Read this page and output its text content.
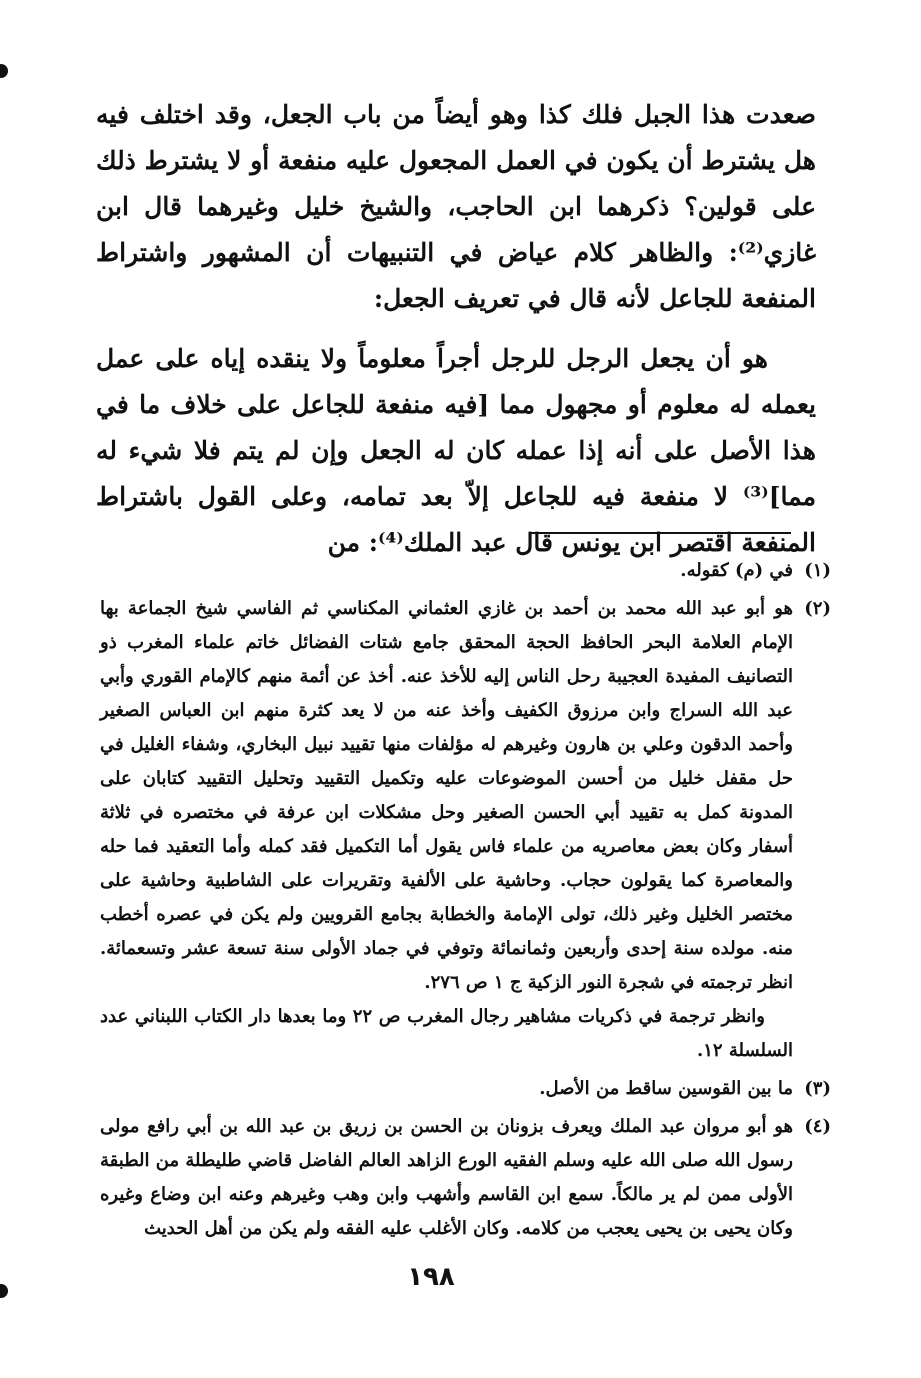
صعدت هذا الجبل فلك كذا وهو أيضاً من باب الجعل، وقد اختلف فيه هل يشترط أن يكون في العمل المجعول عليه منفعة أو لا يشترط ذلك على قولين؟ ذكرهما ابن الحاجب، والشيخ خليل وغيرهما قال ابن غازي⁽²⁾: والظاهر كلام عياض في التنبيهات أن المشهور واشتراط المنفعة للجاعل لأنه قال في تعريف الجعل:

هو أن يجعل الرجل للرجل أجراً معلوماً ولا ينقده إياه على عمل يعمله له معلوم أو مجهول مما [فيه منفعة للجاعل على خلاف ما في هذا الأصل على أنه إذا عمله كان له الجعل وإن لم يتم فلا شيء له مما]⁽³⁾ لا منفعة فيه للجاعل إلاّ بعد تمامه، وعلى القول باشتراط المنفعة اقتصر ابن يونس قال عبد الملك⁽⁴⁾: من

(١)

في (م) كقوله.

(٢)

هو أبو عبد الله محمد بن أحمد بن غازي العثماني المكناسي ثم الفاسي شيخ الجماعة بها الإمام العلامة البحر الحافظ الحجة المحقق جامع شتات الفضائل خاتم علماء المغرب ذو التصانيف المفيدة العجيبة رحل الناس إليه للأخذ عنه. أخذ عن أئمة منهم كالإمام القوري وأبي عبد الله السراج وابن مرزوق الكفيف وأخذ عنه من لا يعد كثرة منهم ابن العباس الصغير وأحمد الدقون وعلي بن هارون وغيرهم له مؤلفات منها تقييد نبيل البخاري، وشفاء الغليل في حل مقفل خليل من أحسن الموضوعات عليه وتكميل التقييد وتحليل التقييد كتابان على المدونة كمل به تقييد أبي الحسن الصغير وحل مشكلات ابن عرفة في مختصره في ثلاثة أسفار وكان بعض معاصريه من علماء فاس يقول أما التكميل فقد كمله وأما التعقيد فما حله والمعاصرة كما يقولون حجاب. وحاشية على الألفية وتقريرات على الشاطبية وحاشية على مختصر الخليل وغير ذلك، تولى الإمامة والخطابة بجامع القرويين ولم يكن في عصره أخطب منه. مولده سنة إحدى وأربعين وثمانمائة وتوفي في جماد الأولى سنة تسعة عشر وتسعمائة. انظر ترجمته في شجرة النور الزكية ج ١ ص ٢٧٦.

وانظر ترجمة في ذكريات مشاهير رجال المغرب ص ٢٢ وما بعدها دار الكتاب اللبناني عدد السلسلة ١٢.

(٣)

ما بين القوسين ساقط من الأصل.

(٤)

هو أبو مروان عبد الملك ويعرف بزونان بن الحسن بن زريق بن عبد الله بن أبي رافع مولى رسول الله صلى الله عليه وسلم الفقيه الورع الزاهد العالم الفاضل قاضي طليطلة من الطبقة الأولى ممن لم ير مالكاً. سمع ابن القاسم وأشهب وابن وهب وغيرهم وعنه ابن وضاع وغيره وكان يحيى بن يحيى يعجب من كلامه. وكان الأغلب عليه الفقه ولم يكن من أهل الحديث

١٩٨
